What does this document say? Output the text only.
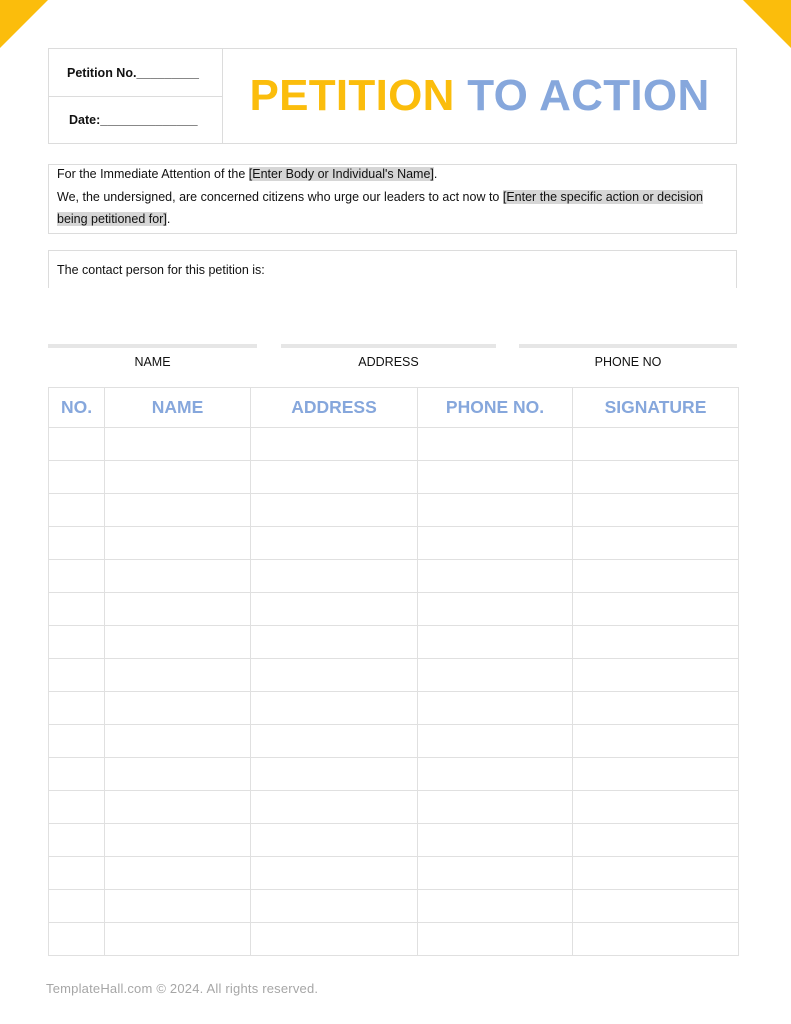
Petition No._________
Date:______________ PETITION
TO ACTION
For the Immediate Attention of the [Enter Body or Individual's Name].
We, the undersigned, are concerned citizens who urge our leaders to act now to [Enter the specific action or decision
being petitioned for].
The contact person for this petition is:
NAME	ADDRESS	PHONE NO
NO.	NAME	ADDRESS	PHONE NO.	SIGNATURE

TemplateHall.com © 2024. All rights reserved.
